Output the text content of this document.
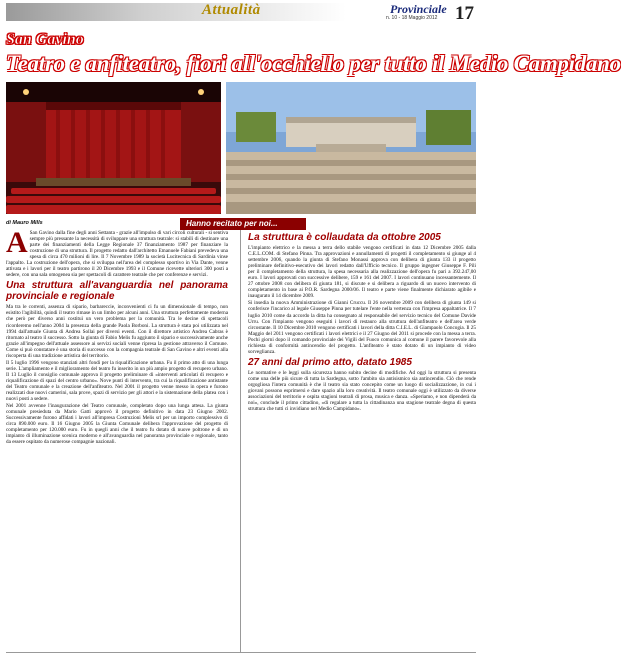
Attualità	Provinciale
n. 10 - 18 Maggio 2012 17
San Gavino
Teatro e anfiteatro, fiori all'occhiello per tutto il Medio Campidano
di Mauro Mills	Hanno recitato per noi...

A San Gavino dalla fine degli anni Settanta - grazie all'impulso di vari circoli culturali - si sentiva sempre più pressante la necessità di sviluppare una struttura teatrale: si stabilì di destinare una parte dei finanziamenti della Legge Regionale 37 finanziamento 1987 per finanziare la costruzione di una struttura. Il progetto redatto dall'architetto Emanuele Fabiani prevedeva una spesa di circa 470 milioni di lire. Il 7 Novembre 1989 la società Lucitecnica di Sardinia vinse l'appalto. La costruzione dell'opera, che si sviluppa nell'area del complesso sportivo in Via Dante, venne attivata e i lavori per il teatro partirono il 20 Dicembre 1993 e il Comune ricevette ulteriori 300 posti a sedere, con una sala omogenea sia per spettacoli di carattere teatrale che per conferenze e servizi.

Una struttura all'avanguardia nel panorama provinciale e regionale

Ma tra le correnti, assenza di sipario, barbareccie, inconvenienti ci fu un dimensionale di tempo, non esistito l'agibilità, quindi il teatro rimase in un limbo per alcuni anni. Una struttura perfettamente moderna che però per diverso anni costituì un vero problema per la comunità. Tra le decine di spettacoli ricorderemo nell'anno 2004 la presenza della grande Paola Borboni. La struttura è stata poi utilizzata nel 1994 dall'attuale Giunta di Andrea Sollai per diversi eventi. Con il direttore artistico Andrea Cabras è ritornato al teatro il successo. Sotto la giunta di Fabio Melis fu aggiunto il sipario e successivamente anche grazie all'impegno dell'attuale assessore ai servizi sociali venne ripresa la gestione attraverso il Comune. Come si può constatare è una storia di successo con la compagnia teatrale di San Gavino e altri eventi alla riscoperta di una tradizione artistica del territorio.

Il 5 luglio 1996 vengono stanziati altri fondi per la riqualificazione urbana. Fu il primo atto di una lunga serie. L'ampliamento e il miglioramento del teatro fu inserito in un più ampio progetto di recupero urbano. Il 13 Luglio il consiglio comunale approva il progetto preliminare di «interventi articolati di recupero e riqualificazione di spazi del centro urbano». Nove punti di intervento, tra cui la riqualificazione antistante del Teatro comunale e la creazione dell'anfiteatro. Nel 2001 il progetto venne messo in opera e furono realizzati due nuovi camerini, sala prove, spazi di servizio per gli attori e la sistemazione della platea con i nuovi posti a sedere.

Nel 2001 avvenne l'inaugurazione del Teatro comunale, completato dopo una lunga attesa. La giunta comunale presieduta da Mario Gatti approvò il progetto definitivo in data 23 Giugno 2002. Successivamente furono affidati i lavori all'impresa Costruzioni Melis srl per un importo complessivo di circa 890.000 euro. Il 16 Giugno 2005 la Giunta Comunale delibera l'approvazione del progetto di completamento per 120.000 euro. Fu in quegli anni che il teatro fu dotato di nuove poltrone e di un impianto di illuminazione scenica moderno e all'avanguardia nel panorama provinciale e regionale, tanto da essere ospitato da numerose compagnie nazionali.

La struttura è collaudata da ottobre 2005

L'impianto elettrico e la messa a terra dello stabile vengono certificati in data 12 Dicembre 2005 dalla C.E.L.COM. di Stefano Pinna. Tra approvazioni e annullamenti di progetti il completamento si giunge al 4 settembre 2006, quando la giunta di Stefano Monassi approva con delibera di giunta 133 il progetto preliminare definitivo-esecutivo dei lavori redatto dall'Ufficio tecnico. Il gruppo ingegner Giuseppe F. Pili per il completamento della struttura, la spesa necessaria alla realizzazione dell'opera fu pari a 392.247,00 euro. I lavori approvati con successive delibere, 159 e 161 del 2007. I lavori continuano incessantemente. Il 27 ottobre 2008 con delibera di giunta 181, si discute e si delibera a riguardo di un nuovo intervento di completamento in base ai P.O.R. Sardegna 2000/06. Il teatro e parte viene finalmente dichiarato agibile e inaugurato il 14 dicembre 2009.

Si insedia la nuova Amministrazione di Gianni Cruccu. Il 26 novembre 2009 con delibera di giunta 149 si conferisce l'incarico al legale Giuseppe Pinna per tutelare l'ente nella vertenza con l'impresa appaltatrice. Il 7 luglio 2010 come da accordo la ditta ha consegnato al responsabile del servizio tecnico del Comune Davide Urru. Con l'impianto vengono eseguiti i lavori di restauro alla struttura dell'anfiteatro e dell'area verde circostante. Il 10 Dicembre 2010 vengono certificati i lavori della ditta C.I.E.L. di Giampaolo Concogia. Il 25 Maggio del 2011 vengono certificati i lavori elettrici e il 27 Giugno del 2011 si procede con la messa a terra. Pochi giorni dopo il comando provinciale dei Vigili del Fuoco comunica al comune il parere favorevole alla richiesta di conformità antincendio del progetto. L'anfiteatro è stato dotato di un impianto di video sorveglianza.

27 anni dal primo atto, datato 1985

Le normative e le leggi sulla sicurezza hanno subito decine di modifiche. Ad oggi la struttura si presenta come una delle più sicure di tutta la Sardegna, sotto l'ambito sia antisismico sia antincendio. Ciò che rende orgogliosa l'intera comunità è che il teatro sia stato concepito come un luogo di socializzazione, in cui i giovani possono esprimersi e dare spazio alla loro creatività. Il teatro comunale oggi è utilizzato da diverse associazioni del territorio e ospita stagioni teatrali di prosa, musica e danza. «Speriamo, e non dipenderà da noi», conclude il primo cittadino, «di regalare a tutta la cittadinanza una stagione teatrale degna di questa struttura che tutti ci invidiano nel Medio Campidano».
